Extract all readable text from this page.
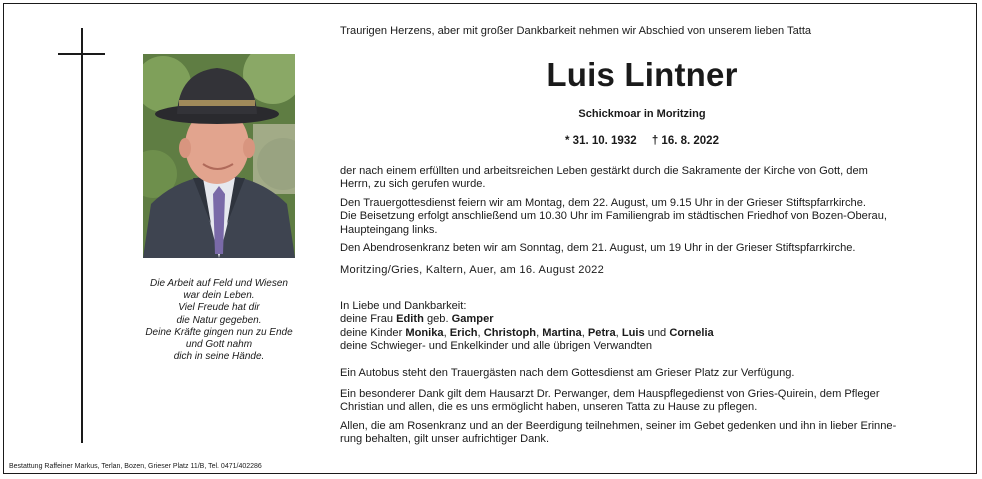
Die Arbeit auf Feld und Wiesen
war dein Leben.
Viel Freude hat dir
die Natur gegeben.
Deine Kräfte gingen nun zu Ende
und Gott nahm
dich in seine Hände.
Bestattung Raffeiner Markus, Terlan, Bozen, Grieser Platz 11/B, Tel. 0471/402286
Traurigen Herzens, aber mit großer Dankbarkeit nehmen wir Abschied von unserem lieben Tatta
Luis Lintner
Schickmoar in Moritzing
* 31. 10. 1932 † 16. 8. 2022
der nach einem erfüllten und arbeitsreichen Leben gestärkt durch die Sakramente der Kirche von Gott, dem
Herrn, zu sich gerufen wurde.
Den Trauergottesdienst feiern wir am Montag, dem 22. August, um 9.15 Uhr in der Grieser Stiftspfarrkirche.
Die Beisetzung erfolgt anschließend um 10.30 Uhr im Familiengrab im städtischen Friedhof von Bozen-Oberau,
Haupteingang links.
Den Abendrosenkranz beten wir am Sonntag, dem 21. August, um 19 Uhr in der Grieser Stiftspfarrkirche.
Moritzing/Gries, Kaltern, Auer, am 16. August 2022
In Liebe und Dankbarkeit:
deine Frau Edith geb. Gamper
deine Kinder Monika, Erich, Christoph, Martina, Petra, Luis und Cornelia
deine Schwieger- und Enkelkinder und alle übrigen Verwandten
Ein Autobus steht den Trauergästen nach dem Gottesdienst am Grieser Platz zur Verfügung.
Ein besonderer Dank gilt dem Hausarzt Dr. Perwanger, dem Hauspflegedienst von Gries-Quirein, dem Pfleger
Christian und allen, die es uns ermöglicht haben, unseren Tatta zu Hause zu pflegen.
Allen, die am Rosenkranz und an der Beerdigung teilnehmen, seiner im Gebet gedenken und ihn in lieber Erinne-
rung behalten, gilt unser aufrichtiger Dank.
